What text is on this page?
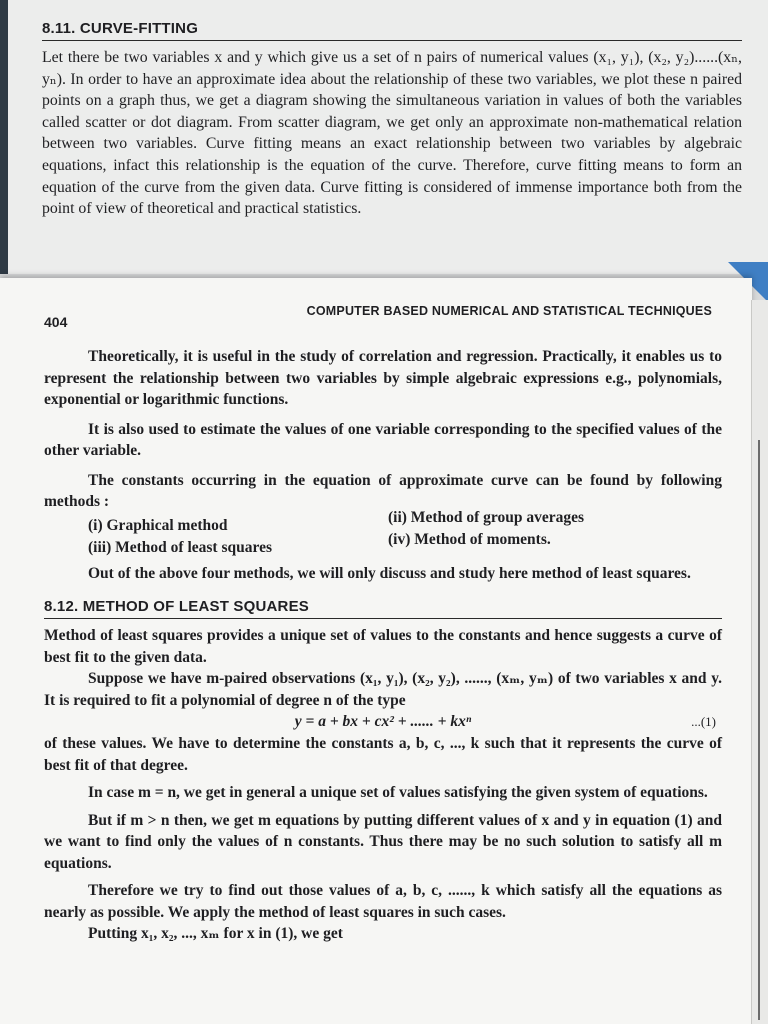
8.11. CURVE-FITTING

Let there be two variables x and y which give us a set of n pairs of numerical values (x₁, y₁), (x₂, y₂)......(xₙ, yₙ). In order to have an approximate idea about the relationship of these two variables, we plot these n paired points on a graph thus, we get a diagram showing the simultaneous variation in values of both the variables called scatter or dot diagram. From scatter diagram, we get only an approximate non-mathematical relation between two variables. Curve fitting means an exact relationship between two variables by algebraic equations, infact this relationship is the equation of the curve. Therefore, curve fitting means to form an equation of the curve from the given data. Curve fitting is considered of immense importance both from the point of view of theoretical and practical statistics.

404
COMPUTER BASED NUMERICAL AND STATISTICAL TECHNIQUES

Theoretically, it is useful in the study of correlation and regression. Practically, it enables us to represent the relationship between two variables by simple algebraic expressions e.g., polynomials, exponential or logarithmic functions.

It is also used to estimate the values of one variable corresponding to the specified values of the other variable.

The constants occurring in the equation of approximate curve can be found by following methods :

(i) Graphical method	(ii) Method of group averages
(iii) Method of least squares	(iv) Method of moments.

Out of the above four methods, we will only discuss and study here method of least squares.

8.12. METHOD OF LEAST SQUARES

Method of least squares provides a unique set of values to the constants and hence suggests a curve of best fit to the given data.

Suppose we have m-paired observations (x₁, y₁), (x₂, y₂), ......, (xₘ, yₘ) of two variables x and y. It is required to fit a polynomial of degree n of the type

y = a + bx + cx² + ...... + kxⁿ	...(1)

of these values. We have to determine the constants a, b, c, ..., k such that it represents the curve of best fit of that degree.

In case m = n, we get in general a unique set of values satisfying the given system of equations.

But if m > n then, we get m equations by putting different values of x and y in equation (1) and we want to find only the values of n constants. Thus there may be no such solution to satisfy all m equations.

Therefore we try to find out those values of a, b, c, ......, k which satisfy all the equations as nearly as possible. We apply the method of least squares in such cases.

Putting x₁, x₂, ..., xₘ for x in (1), we get
